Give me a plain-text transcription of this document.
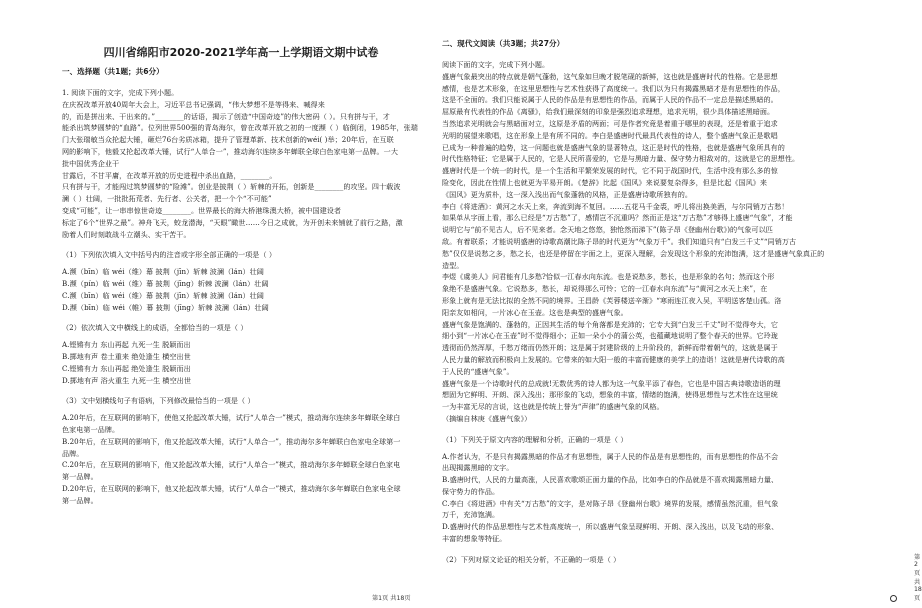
四川省绵阳市2020-2021学年高一上学期语文期中试卷
一、选择题（共1题；共6分）

1. 阅读下面的文字，完成下列小题。

在庆祝改革开放40周年大会上，习近平总书记强调，“伟大梦想不是等得来、喊得来

的，而是拼出来、干出来的。”________的话语，揭示了创造“中国奇迹”的伟大密码（ ）。只有拼与干，才

能杀出筑梦圆梦的“血路”。位列世界500强的青岛海尔，曾在改革开放之初的一度濒（ ）临倒闭，1985年，张瑞

门大张瑞敏当众抡起大锤，砸烂76台劣质冰箱，提升了管理革新、技术创新的wéi( )举；20年后，在互联

网的影响下，他毅又抡起改革大锤，试行“人单合一”，推动海尔连续多年蝉联全球白色家电第一品牌。一大

批中国优秀企业干

甘露后，不甘平庸，在改革开放的历史进程中杀出血路，________。

只有拼与干，才能闯过筑梦圆梦的“险滩”。创业是披荆（ ）斩棘的开拓，创新是________的攻坚。四十载波

澜（ ）壮阔，一批批拓荒者、先行者、公关者，把一个个“不可能”

变成“可能”，让一串串惊世奇迹________。世界最长的海大桥港珠澳大桥，被中国建设者

标定了6个“世界之最”。神舟飞天，蛟龙潜海，“天眼”瞰世……今日之成就，为开创未来铺就了前行之路，激

励着人们时刻敢战斗立潮头、实干苦干。

（1）下列依次填入文中括号内的注音或字形全部正确的一项是（ ）

A.濒（bīn）临 wéi（维）幕 披荆（jīn）斩棘 波澜（lán）壮阔

B.濒（pín）临 wéi（维）幕 披荆（jīng）斩棘 波澜（lán）壮阔

C.濒（bīn）临 wéi（维）幕 披荆（jīn）斩棘 波澜（lán）壮阔

D.濒（bīn）临 wéi（帷）幕 披荆（jīng）斩棘 波澜（lán）壮阔

（2）依次填入文中横线上的成语，全都恰当的一项是（ ）

A.铿锵有力 东山再起 九死一生 脱颖而出

B.掷地有声 卷土重来 绝处逢生 横空出世

C.铿锵有力 东山再起 绝处逢生 脱颖而出

D.掷地有声 浴火重生 九死一生 横空出世

（3）文中划横线句子有语病，下列修改最恰当的一项是（ ）

A.20年后，在互联网的影响下，使他又抡起改革大锤，试行“人单合一”模式，推动海尔连续多年蝉联全球白

色家电第一品牌。

B.20年后，在互联网的影响下，他又抡起改革大锤，试行“人单合一”，推动海尔多年蝉联白色家电全球第一

品牌。

C.20年后，在互联网的影响下，他又抡起改革大锤，试行“人单合一”模式，推动海尔多年蝉联全球白色家电

第一品牌。

D.20年后，在互联网的影响下，他又抡起改革大锤，试行“人单合一”模式，推动海尔多年蝉联白色家电全球

第一品牌。

第1页 共18页
二、现代文阅读（共3题；共27分）

阅读下面的文字，完成下列小题。

盛唐气象最突出的特点就是朝气蓬勃，这气象如旦晚才脱笔砚的新鲜，这也就是盛唐时代的性格。它是思想

感情，也是艺术形象，在这里思想性与艺术性获得了高度统一。我们以为只有揭露黑暗才是有思想性的作品，

这是不全面的。我们只能说属于人民的作品是有思想性的作品，而属于人民的作品不一定总是描述黑暗的。

屈原最有代表性的作品《离骚》，给我们最深刻的印象是强烈追求理想，追求光明，很少具体描述黑暗面。

当然追求光明就会与黑暗面对立，这原是矛盾的两面；可是作者究竟是着重于哪里的表现，还是着重于追求

光明的展望来歌唱，这在形象上是有所不同的。李白是盛唐时代最具代表性的诗人，整个盛唐气象正是歌唱

已成为一种普遍的趋势，这一问题也就是盛唐气象的显著特点，这正是时代的性格，也就是盛唐气象所具有的

时代性格特征；它是属于人民的，它是人民所喜爱的，它是与黑暗力量、保守势力相敌对的，这就是它的思想性。

盛唐时代是一个统一的时代，是一个生活和平繁荣发展的时代，它不同于战国时代，生活中没有那么多的惊

险变化，因此在性情上也就更为平易开朗。《楚辞》比起《国风》来说要复杂得多，但是比起《国风》来

《国风》更为质朴，这一深入浅出而气象蓬勃的风格，正是盛唐诗歌所独有的。

李白《将进酒》：黄河之水天上来，奔流到海不复回。……五花马千金裘，呼儿将出换美酒，与尔同销万古愁！

如果单从字面上看，那么已经是“万古愁”了，感情岂不沉重吗？然而正是这“万古愁”才够得上盛唐“气象”，才能

说明它与“前不见古人，后不见来者。念天地之悠悠，独怆然而涕下”(陈子昂《登幽州台歌》)的气象可以匹

敌。有着联系；才能说明盛唐的诗歌高潮比陈子昂的时代更为“气象万千”。我们知道只有“白发三千丈”“同销万古

愁”仅仅是说愁之多，愁之长，也还是停留在字面之上，更深入理解，会发现这个形象的充沛饱满，这才是盛唐气象真正的造型。

李煜《虞美人》问君能有几多愁?恰似一江春水向东流。也是说愁多，愁长，也是形象的名句；然而这个形

象绝不是盛唐气象。它说愁多，愁长，却说得那么可怜；它的一江春水向东流”与“黄河之水天上来”，在

形象上就有是无法比拟的全然不同的境界。王昌龄《芙蓉楼送辛渐》“寒雨连江夜入吴，平明送客楚山孤。洛

阳亲友如相问，一片冰心在玉壶。这也是典型的盛唐气象。

盛唐气象是饱满的、蓬勃的，正因其生活的每个角落都是充沛的；它专大到“白发三千丈”时不觉得夸大，它

细小到“一片冰心在玉壶”时不觉得细小；正如一朵小小的蒲公英，也蕴藏地说明了整个春天的世界。它玲珑

透彻而仍然浑厚，千愁万绪而仍然开朗；这是属于封建阶级的上升阶段的，新鲜而带着朝气的，这就是属于

人民力量的解放而积极向上发展的。它带来的如大阳一般的丰富而健康的美学上的造诣！这就是唐代诗歌的高

于人民的“盛唐气象”。

盛唐气象是一个诗歌时代的总成就!无数优秀的诗人都为这一气象平添了春色，它也是中国古典诗歌造诣的理

想固为它鲜明、开朗、深入浅出；那形象的飞动，想象的丰富，情绪的饱满，使得思想性与艺术性在这里统

一为丰富无尽的言说，这也就是传统上誉为“声律”的盛唐气象的风格。

（摘编自林庚《盛唐气象》）

（1）下列关于原文内容的理解和分析，正确的一项是（ ）

A.作者认为，不是只有揭露黑暗的作品才有思想性，属于人民的作品是有思想性的，而有思想性的作品不会

出现揭露黑暗的文字。

B.盛唐时代，人民的力量高涨，人民喜欢歌颂正面力量的作品，比如李白的作品就是不喜欢揭露黑暗力量、

保守势力的作品。

C.李白《将进酒》中有关“万古愁”的文字，是对陈子昂《登幽州台歌》境界的发展，感情虽然沉重，但气象

万千，充沛饱满。

D.盛唐时代的作品思想性与艺术性高度统一，所以盛唐气象呈现鲜明、开朗、深入浅出，以及飞动的形象、

丰富的想象等特征。

（2）下列对原文论证的相关分析，不正确的一项是（ ）	第2页 共18页
